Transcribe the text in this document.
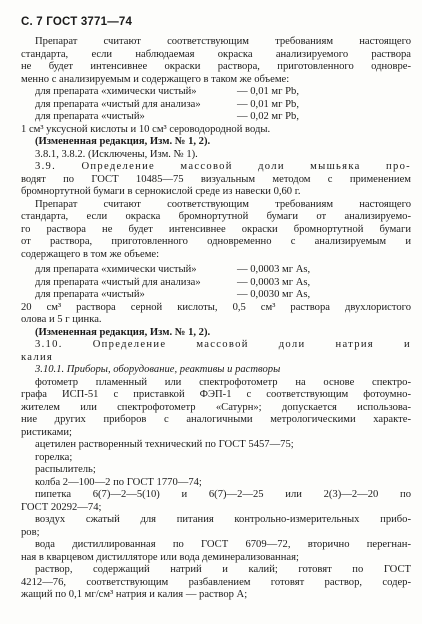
С. 7 ГОСТ 3771—74
Препарат считают соответствующим требованиям настоящего
стандарта, если наблюдаемая окраска анализируемого раствора
не будет интенсивнее окраски раствора, приготовленного одновре-
менно с анализируемым и содержащего в таком же объеме:
для препарата «химически чистый»	— 0,01 мг Pb,
для препарата «чистый для анализа»	— 0,01 мг Pb,
для препарата «чистый»	— 0,02 мг Pb,
1 см³ уксусной кислоты и 10 см³ сероводородной воды.
(Измененная редакция, Изм. № 1, 2).
3.8.1, 3.8.2. (Исключены, Изм. № 1).
3.9. Определение массовой доли мышьяка про-
водят по ГОСТ 10485—75 визуальным методом с применением
бромнортутной бумаги в сернокислой среде из навески 0,60 г.
Препарат считают соответствующим требованиям настоящего
стандарта, если окраска бромнортутной бумаги от анализируемо-
го раствора не будет интенсивнее окраски бромнортутной бумаги
от раствора, приготовленного одновременно с анализируемым и
содержащего в том же объеме:
для препарата «химически чистый»	— 0,0003 мг As,
для препарата «чистый для анализа»	— 0,0003 мг As,
для препарата «чистый»	— 0,0030 мг As,
20 см³ раствора серной кислоты, 0,5 см³ раствора двухлористого
олова и 5 г цинка.
(Измененная редакция, Изм. № 1, 2).
3.10. Определение массовой доли натрия и
калия
3.10.1. Приборы, оборудование, реактивы и растворы
фотометр пламенный или спектрофотометр на основе спектро-
графа ИСП-51 с приставкой ФЭП-1 с соответствующим фотоумно-
жителем или спектрофотометр «Сатурн»; допускается использова-
ние других приборов с аналогичными метрологическими характе-
ристиками;
ацетилен растворенный технический по ГОСТ 5457—75;
горелка;
распылитель;
колба 2—100—2 по ГОСТ 1770—74;
пипетка 6(7)—2—5(10) и 6(7)—2—25 или 2(3)—2—20 по
ГОСТ 20292—74;
воздух сжатый для питания контрольно-измерительных прибо-
ров;
вода дистиллированная по ГОСТ 6709—72, вторично перегнан-
ная в кварцевом дистилляторе или вода деминерализованная;
раствор, содержащий натрий и калий; готовят по ГОСТ
4212—76, соответствующим разбавлением готовят раствор, содер-
жащий по 0,1 мг/см³ натрия и калия — раствор А;
